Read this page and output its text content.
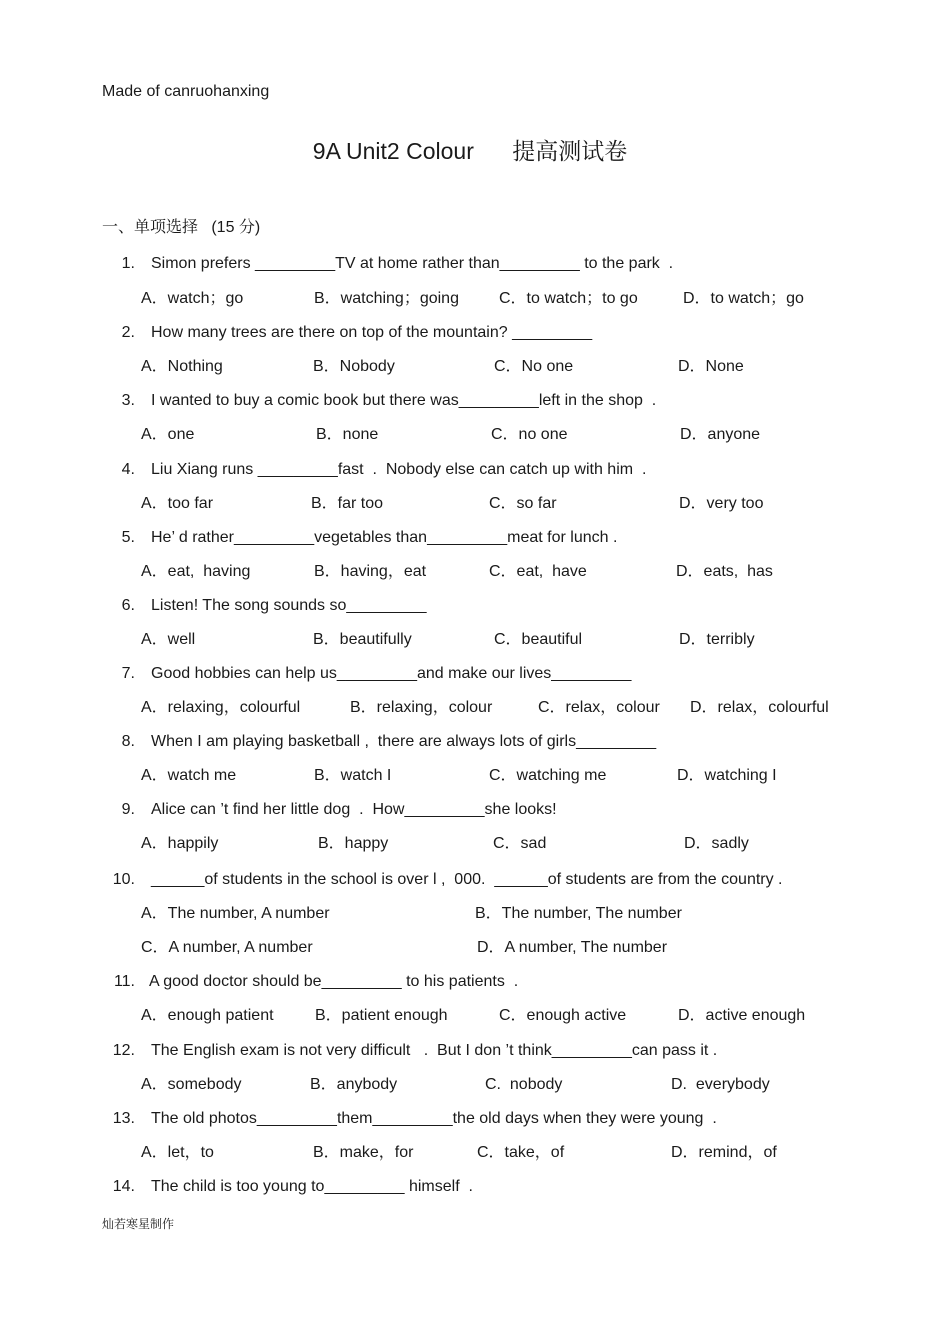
Made of canruohanxing
9A Unit2 Colour      提高测试卷
一、单项选择   (15 分)
1. Simon prefers _________TV at home rather than_________ to the park  .
A．watch；go	B．watching；going	C．to watch；to go	D．to watch；go
2. How many trees are there on top of the mountain? _________
A．Nothing	B．Nobody	C．No one	D．None
3. I wanted to buy a comic book but there was_________left in the shop  .
A．one	B．none	C．no one	D．anyone
4. Liu Xiang runs _________fast  .  Nobody else can catch up with him  .
A．too far	B．far too	C．so far	D．very too
5. He’ d rather_________vegetables than_________meat for lunch .
A．eat,  having	B．having，eat	C．eat,  have	D．eats,  has
6. Listen! The song sounds so_________
A．well	B．beautifully	C．beautiful	D．terribly
7. Good hobbies can help us_________and make our lives_________
A．relaxing，colourful	B．relaxing，colour	C．relax，colour D．relax，colourful
8. When I am playing basketball ,  there are always lots of girls_________
A．watch me	B．watch I	C．watching me	D．watching I
9. Alice can ’t find her little dog  .  How_________she looks!
A．happily	B．happy	C．sad	D．sadly
10. ______of students in the school is over l ,  000.  ______of students are from the country .
A．The number, A number	B．The number, The number
C．A number, A number	D．A number, The number
11. A good doctor should be_________ to his patients  .
A．enough patient	B．patient enough	C．enough active	D．active enough
12. The English exam is not very difficult   .  But I don ’t think_________can pass it .
A．somebody	B．anybody	C.  nobody	D.  everybody
13. The old photos_________them_________the old days when they were young  .
A．let，to	B．make，for	C．take，of	D．remind，of
14. The child is too young to_________ himself  .
灿若寒星制作
